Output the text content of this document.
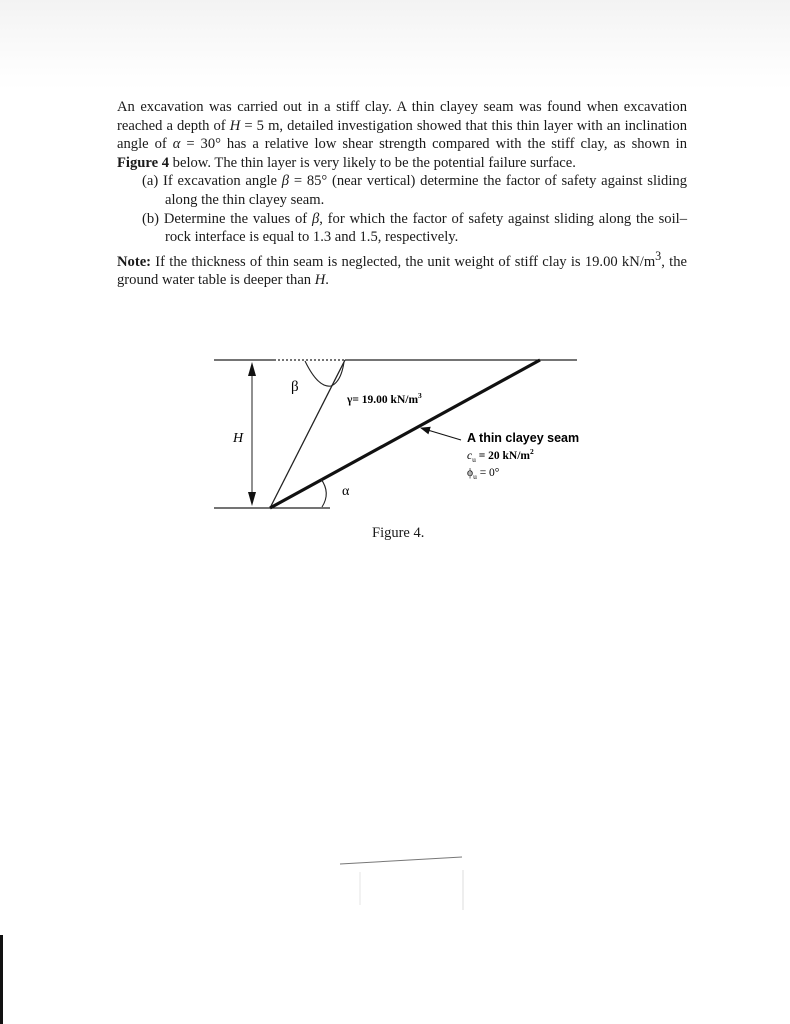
An excavation was carried out in a stiff clay. A thin clayey seam was found when excavation reached a depth of H = 5 m, detailed investigation showed that this thin layer with an inclination angle of α = 30° has a relative low shear strength compared with the stiff clay, as shown in Figure 4 below. The thin layer is very likely to be the potential failure surface.

(a) If excavation angle β = 85° (near vertical) determine the factor of safety against sliding along the thin clayey seam.

(b) Determine the values of β, for which the factor of safety against sliding along the soil–rock interface is equal to 1.3 and 1.5, respectively.

Note: If the thickness of thin seam is neglected, the unit weight of stiff clay is 19.00 $kN/m^3$, the ground water table is deeper than H.

β
γ= 19.00 $kN/m^3$
H
α
A thin clayey seam
$c_u = 20$ $kN/m^2$
$\phi_u = 0^\circ$
Figure 4.
